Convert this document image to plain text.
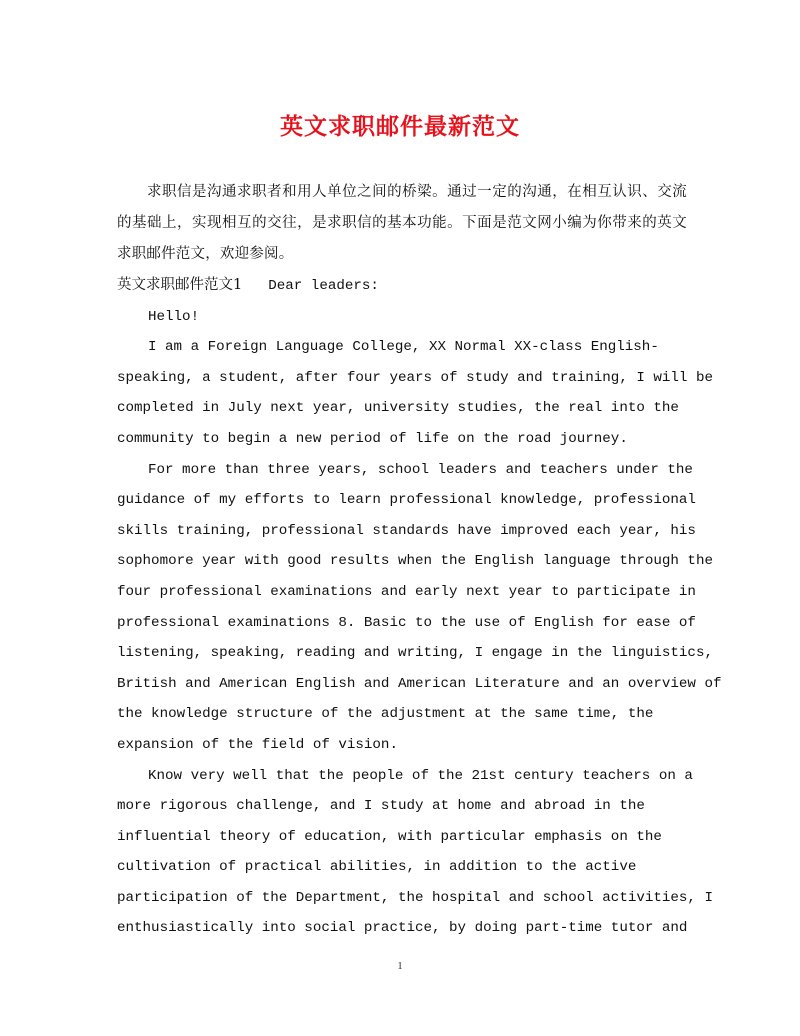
英文求职邮件最新范文

求职信是沟通求职者和用人单位之间的桥梁。通过一定的沟通，在相互认识、交流的基础上，实现相互的交往，是求职信的基本功能。下面是范文网小编为你带来的英文求职邮件范文，欢迎参阅。

英文求职邮件范文1 Dear leaders:

Hello!

I am a Foreign Language College, XX Normal XX-class English-

speaking, a student, after four years of study and training, I will be

completed in July next year, university studies, the real into the

community to begin a new period of life on the road journey.

For more than three years, school leaders and teachers under the

guidance of my efforts to learn professional knowledge, professional

skills training, professional standards have improved each year, his

sophomore year with good results when the English language through the

four professional examinations and early next year to participate in

professional examinations 8. Basic to the use of English for ease of

listening, speaking, reading and writing, I engage in the linguistics,

British and American English and American Literature and an overview of

the knowledge structure of the adjustment at the same time, the

expansion of the field of vision.

Know very well that the people of the 21st century teachers on a

more rigorous challenge, and I study at home and abroad in the

influential theory of education, with particular emphasis on the

cultivation of practical abilities, in addition to the active

participation of the Department, the hospital and school activities, I

enthusiastically into social practice, by doing part-time tutor and

1
